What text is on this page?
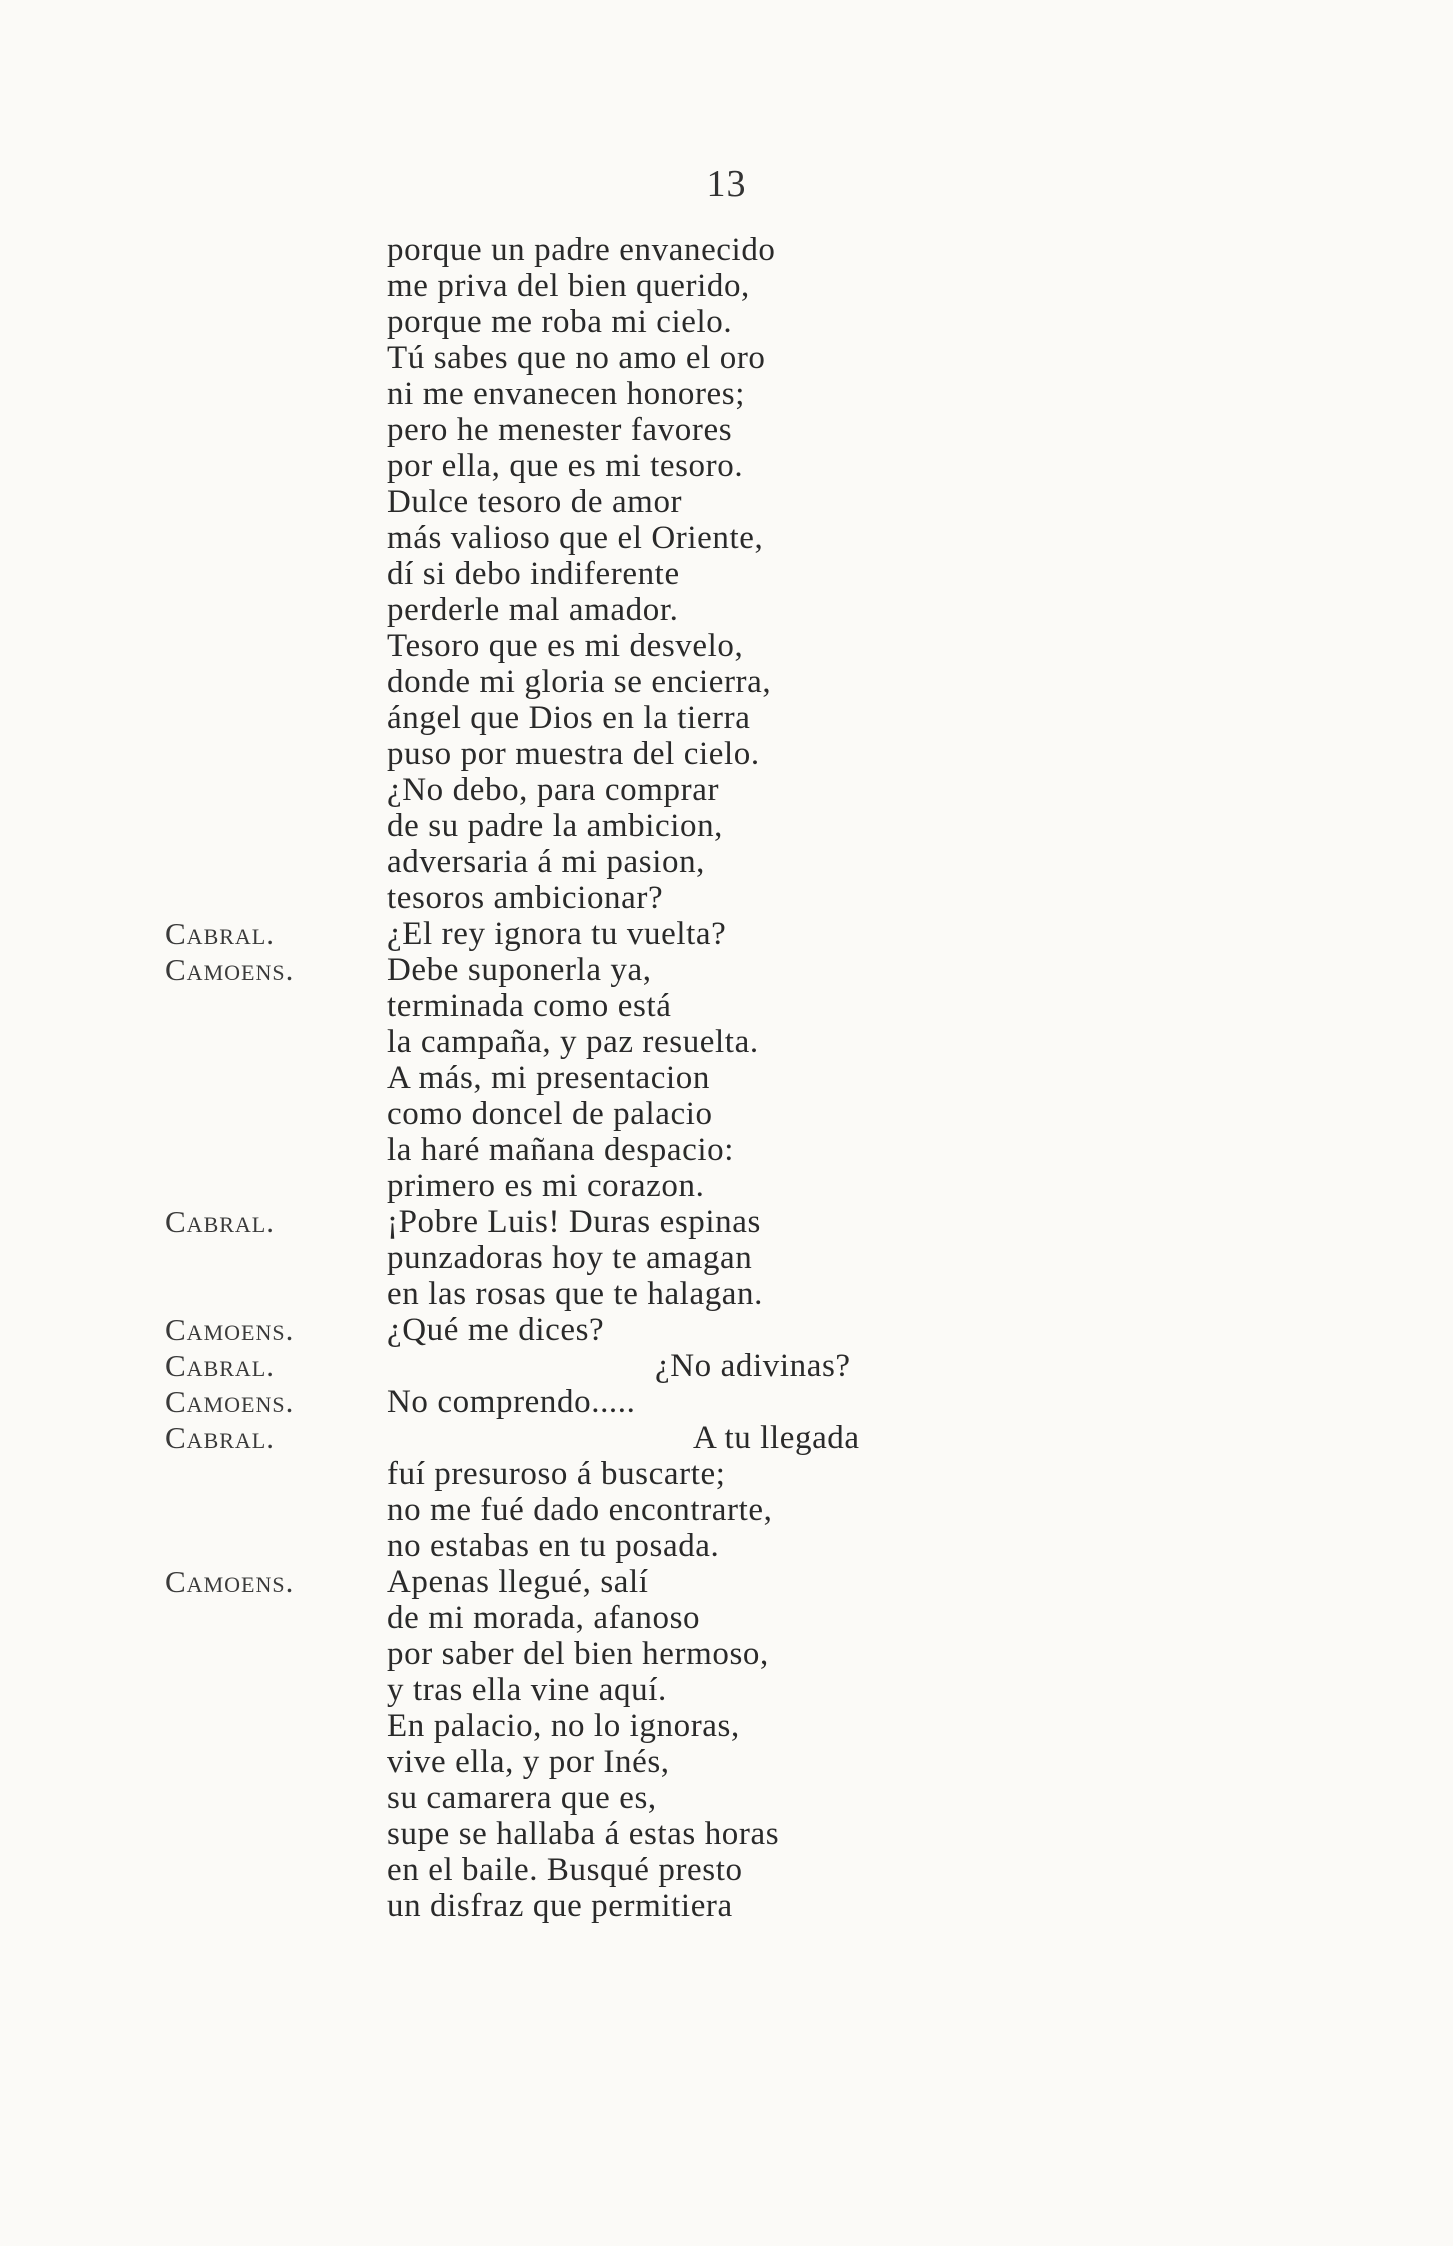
13
porque un padre envanecido
me priva del bien querido,
porque me roba mi cielo.
Tú sabes que no amo el oro
ni me envanecen honores;
pero he menester favores
por ella, que es mi tesoro.
Dulce tesoro de amor
más valioso que el Oriente,
dí si debo indiferente
perderle mal amador.
Tesoro que es mi desvelo,
donde mi gloria se encierra,
ángel que Dios en la tierra
puso por muestra del cielo.
¿No debo, para comprar
de su padre la ambicion,
adversaria á mi pasion,
tesoros ambicionar?
Cabral.	¿El rey ignora tu vuelta?
Camoens.	Debe suponerla ya,
terminada como está
la campaña, y paz resuelta.
A más, mi presentacion
como doncel de palacio
la haré mañana despacio:
primero es mi corazon.
Cabral.	¡Pobre Luis! Duras espinas
punzadoras hoy te amagan
en las rosas que te halagan.
Camoens.	¿Qué me dices?
Cabral.	¿No adivinas?
Camoens.	No comprendo.....
Cabral.	A tu llegada
fuí presuroso á buscarte;
no me fué dado encontrarte,
no estabas en tu posada.
Camoens.	Apenas llegué, salí
de mi morada, afanoso
por saber del bien hermoso,
y tras ella vine aquí.
En palacio, no lo ignoras,
vive ella, y por Inés,
su camarera que es,
supe se hallaba á estas horas
en el baile. Busqué presto
un disfraz que permitiera
